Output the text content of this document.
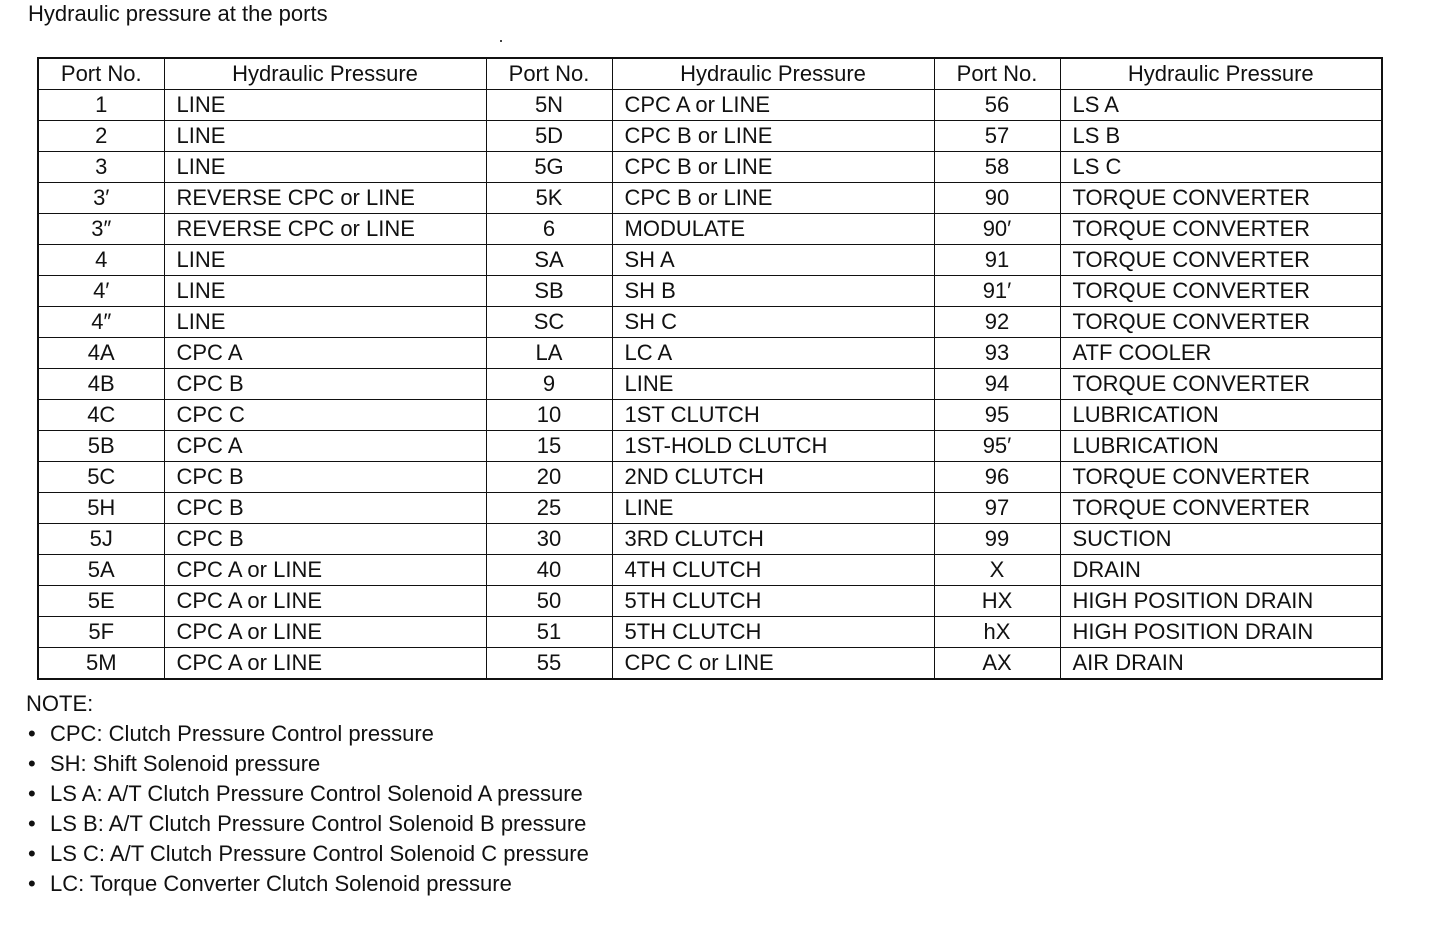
Hydraulic pressure at the ports
Port No.	Hydraulic Pressure	Port No.	Hydraulic Pressure	Port No.	Hydraulic Pressure
1	LINE	5N	CPC A or LINE	56	LS A
2	LINE	5D	CPC B or LINE	57	LS B
3	LINE	5G	CPC B or LINE	58	LS C
3′	REVERSE CPC or LINE	5K	CPC B or LINE	90	TORQUE CONVERTER
3″	REVERSE CPC or LINE	6	MODULATE	90′	TORQUE CONVERTER
4	LINE	SA	SH A	91	TORQUE CONVERTER
4′	LINE	SB	SH B	91′	TORQUE CONVERTER
4″	LINE	SC	SH C	92	TORQUE CONVERTER
4A	CPC A	LA	LC A	93	ATF COOLER
4B	CPC B	9	LINE	94	TORQUE CONVERTER
4C	CPC C	10	1ST CLUTCH	95	LUBRICATION
5B	CPC A	15	1ST-HOLD CLUTCH	95′	LUBRICATION
5C	CPC B	20	2ND CLUTCH	96	TORQUE CONVERTER
5H	CPC B	25	LINE	97	TORQUE CONVERTER
5J	CPC B	30	3RD CLUTCH	99	SUCTION
5A	CPC A or LINE	40	4TH CLUTCH	X	DRAIN
5E	CPC A or LINE	50	5TH CLUTCH	HX	HIGH POSITION DRAIN
5F	CPC A or LINE	51	5TH CLUTCH	hX	HIGH POSITION DRAIN
5M	CPC A or LINE	55	CPC C or LINE	AX	AIR DRAIN
NOTE:
• CPC: Clutch Pressure Control pressure
• SH: Shift Solenoid pressure
• LS A: A/T Clutch Pressure Control Solenoid A pressure
• LS B: A/T Clutch Pressure Control Solenoid B pressure
• LS C: A/T Clutch Pressure Control Solenoid C pressure
• LC: Torque Converter Clutch Solenoid pressure
